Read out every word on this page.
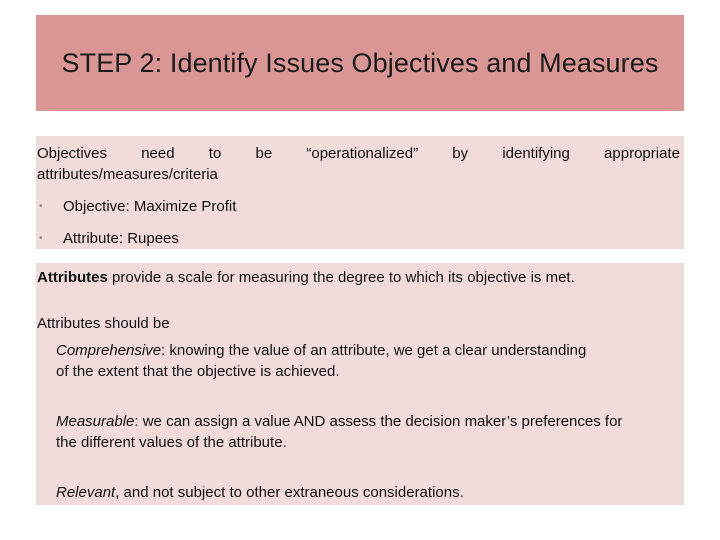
STEP 2: Identify Issues Objectives and Measures
Objectives need to be “operationalized” by identifying appropriate
attributes/measures/criteria
• Objective: Maximize Profit
• Attribute: Rupees
Attributes provide a scale for measuring the degree to which its objective is met.
Attributes should be
Comprehensive: knowing the value of an attribute, we get a clear understanding
of the extent that the objective is achieved.
Measurable: we can assign a value AND assess the decision maker’s preferences for
the different values of the attribute.
Relevant, and not subject to other extraneous considerations.
